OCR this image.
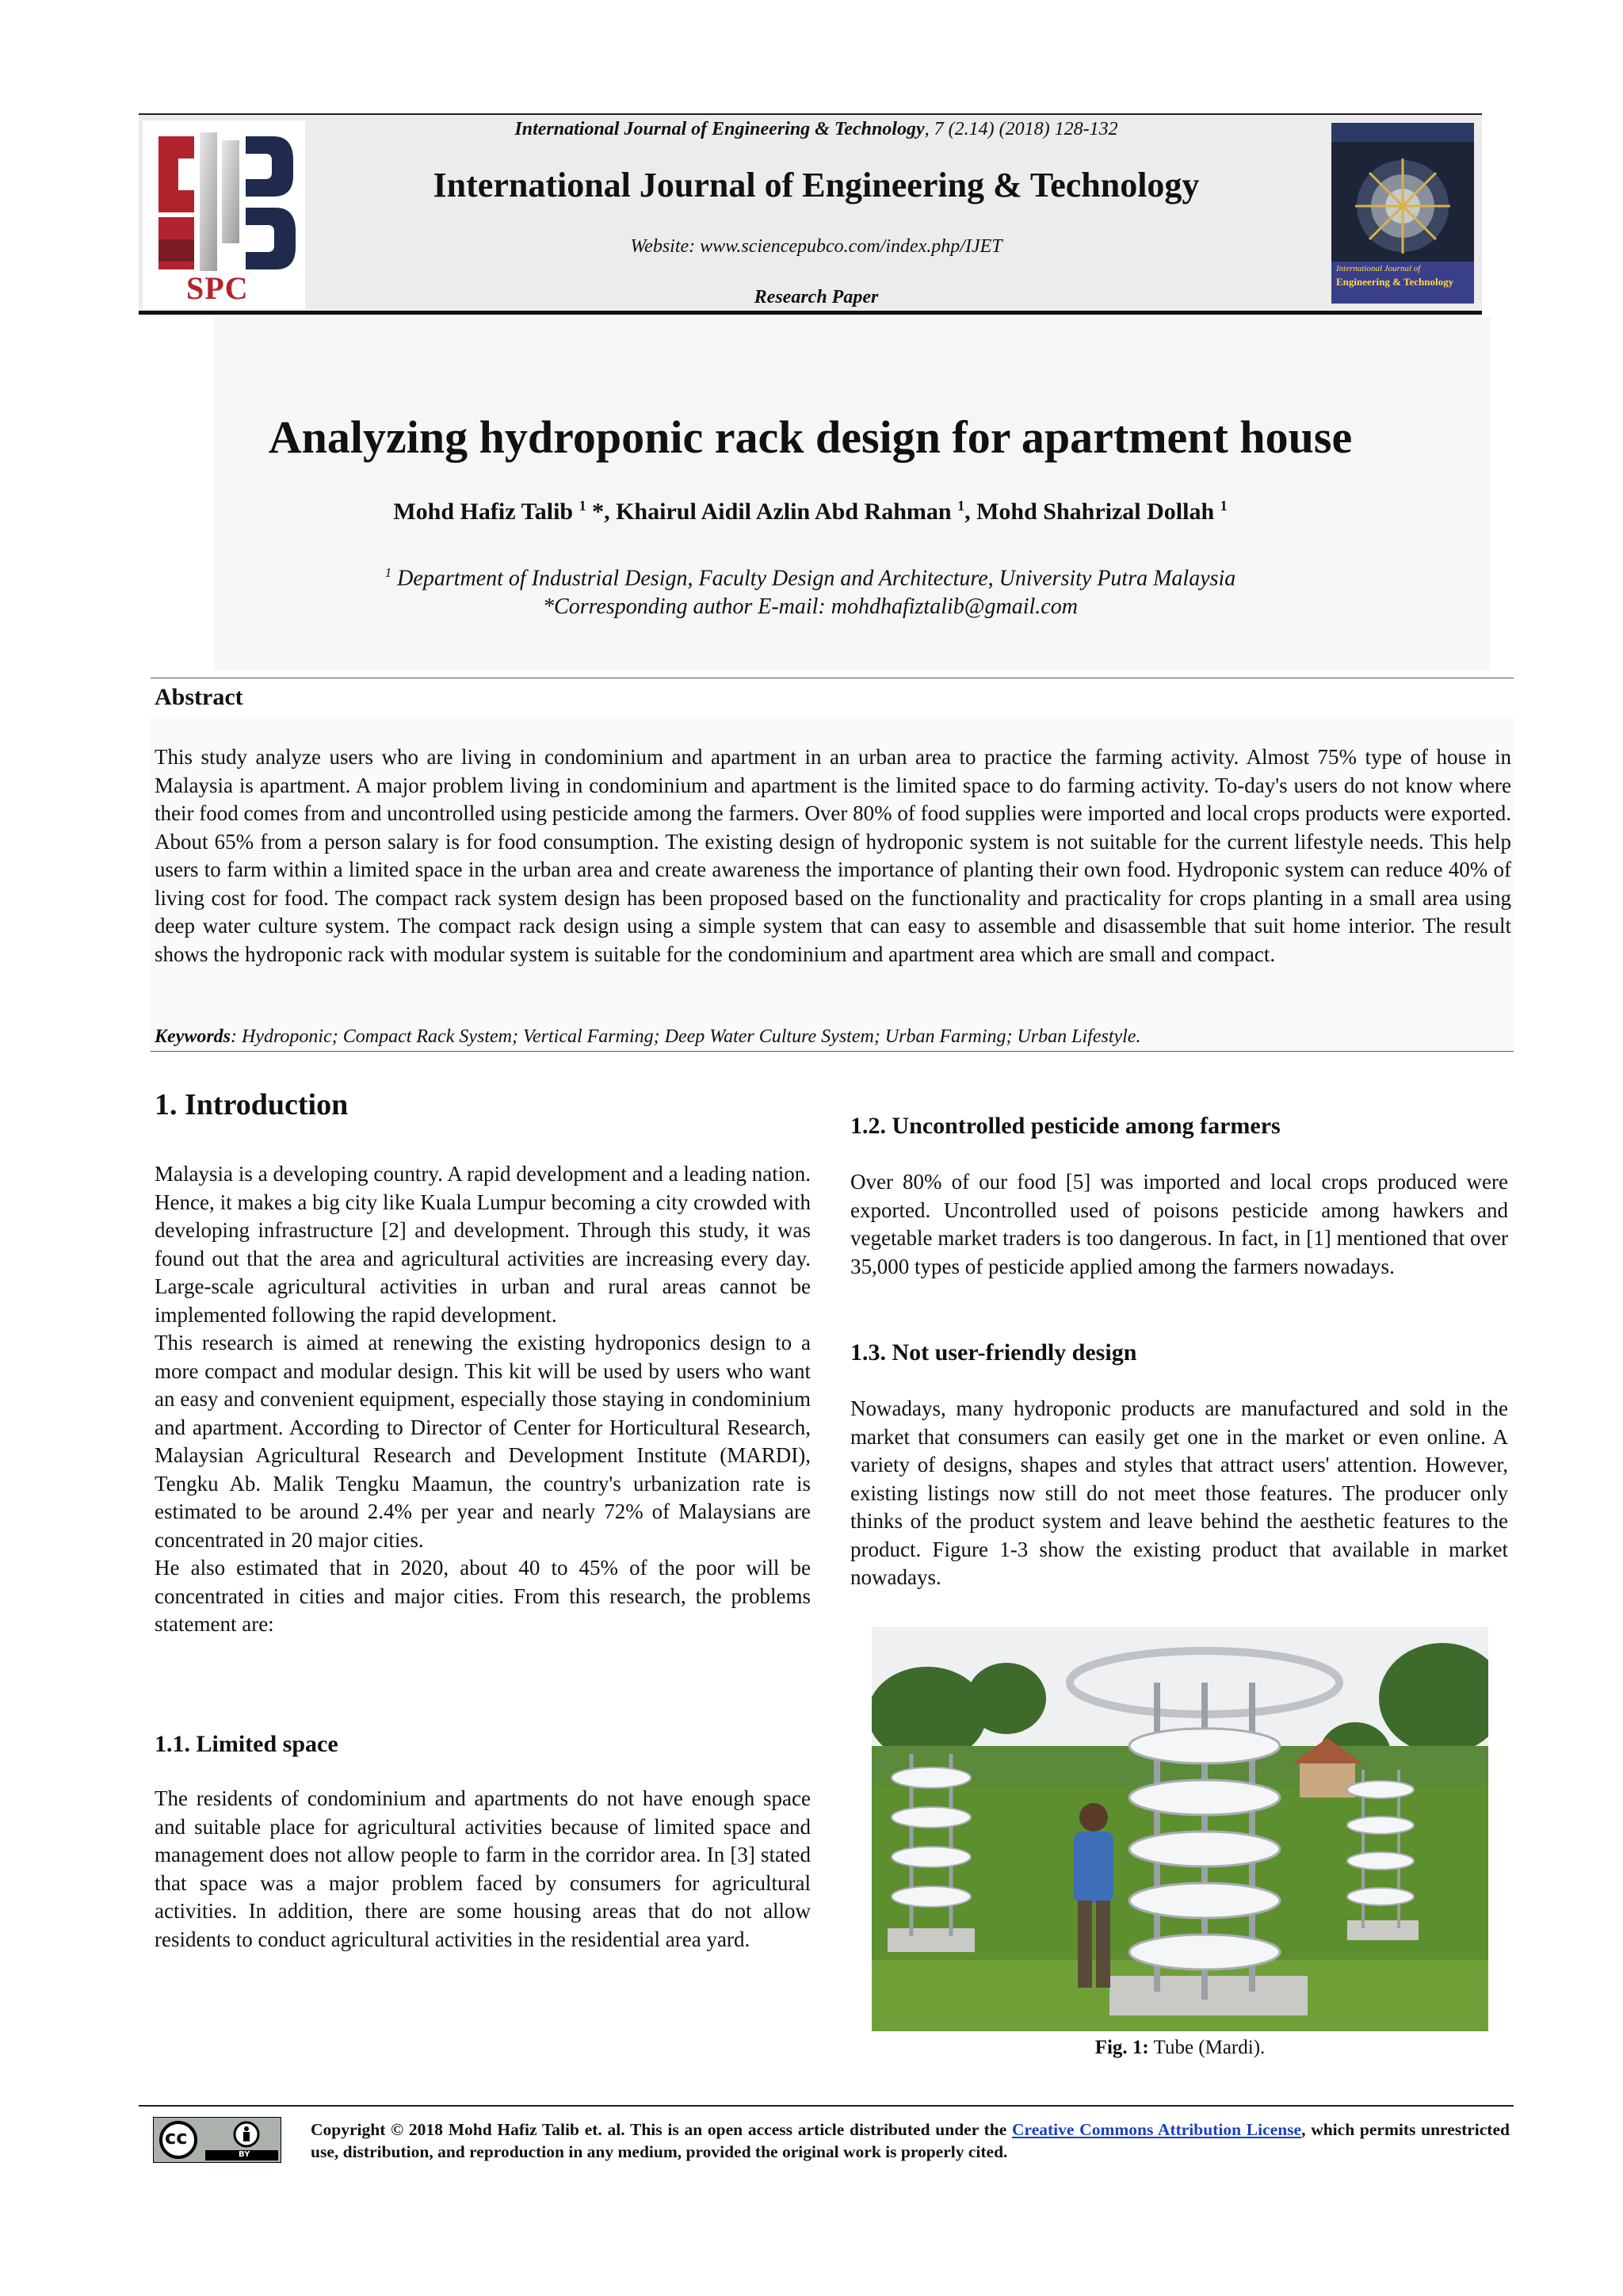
SPC
International Journal of Engineering & Technology, 7 (2.14) (2018) 128-132
International Journal of Engineering & Technology
Website: www.sciencepubco.com/index.php/IJET
Research Paper
International Journal of
Engineering & Technology
Analyzing hydroponic rack design for apartment house
Mohd Hafiz Talib $^1$ *, Khairul Aidil Azlin Abd Rahman $^1$, Mohd Shahrizal Dollah $^1$
$^1$ Department of Industrial Design, Faculty Design and Architecture, University Putra Malaysia
*Corresponding author E-mail: mohdhafiztalib@gmail.com
Abstract
This study analyze users who are living in condominium and apartment in an urban area to practice the farming activity. Almost 75% type of house in Malaysia is apartment. A major problem living in condominium and apartment is the limited space to do farming activity. To-day's users do not know where their food comes from and uncontrolled using pesticide among the farmers. Over 80% of food supplies were imported and local crops products were exported. About 65% from a person salary is for food consumption. The existing design of hydroponic system is not suitable for the current lifestyle needs. This help users to farm within a limited space in the urban area and create awareness the importance of planting their own food. Hydroponic system can reduce 40% of living cost for food. The compact rack system design has been proposed based on the functionality and practicality for crops planting in a small area using deep water culture system. The compact rack design using a simple system that can easy to assemble and disassemble that suit home interior. The result shows the hydroponic rack with modular system is suitable for the condominium and apartment area which are small and compact.
Keywords: Hydroponic; Compact Rack System; Vertical Farming; Deep Water Culture System; Urban Farming; Urban Lifestyle.
1. Introduction

Malaysia is a developing country. A rapid development and a leading nation. Hence, it makes a big city like Kuala Lumpur becoming a city crowded with developing infrastructure [2] and development. Through this study, it was found out that the area and agricultural activities are increasing every day. Large-scale agricultural activities in urban and rural areas cannot be implemented following the rapid development.

This research is aimed at renewing the existing hydroponics design to a more compact and modular design. This kit will be used by users who want an easy and convenient equipment, especially those staying in condominium and apartment. According to Director of Center for Horticultural Research, Malaysian Agricultural Research and Development Institute (MARDI), Tengku Ab. Malik Tengku Maamun, the country's urbanization rate is estimated to be around 2.4% per year and nearly 72% of Malaysians are concentrated in 20 major cities.

He also estimated that in 2020, about 40 to 45% of the poor will be concentrated in cities and major cities. From this research, the problems statement are:

1.1. Limited space

The residents of condominium and apartments do not have enough space and suitable place for agricultural activities because of limited space and management does not allow people to farm in the corridor area. In [3] stated that space was a major problem faced by consumers for agricultural activities. In addition, there are some housing areas that do not allow residents to conduct agricultural activities in the residential area yard.

1.2. Uncontrolled pesticide among farmers

Over 80% of our food [5] was imported and local crops produced were exported. Uncontrolled used of poisons pesticide among hawkers and vegetable market traders is too dangerous. In fact, in [1] mentioned that over 35,000 types of pesticide applied among the farmers nowadays.

1.3. Not user-friendly design

Nowadays, many hydroponic products are manufactured and sold in the market that consumers can easily get one in the market or even online. A variety of designs, shapes and styles that attract users' attention. However, existing listings now still do not meet those features. The producer only thinks of the product system and leave behind the aesthetic features to the product. Figure 1-3 show the existing product that available in market nowadays.

Fig. 1: Tube (Mardi).
cc
BY
Copyright © 2018 Mohd Hafiz Talib et. al. This is an open access article distributed under the Creative Commons Attribution License, which permits unrestricted use, distribution, and reproduction in any medium, provided the original work is properly cited.
